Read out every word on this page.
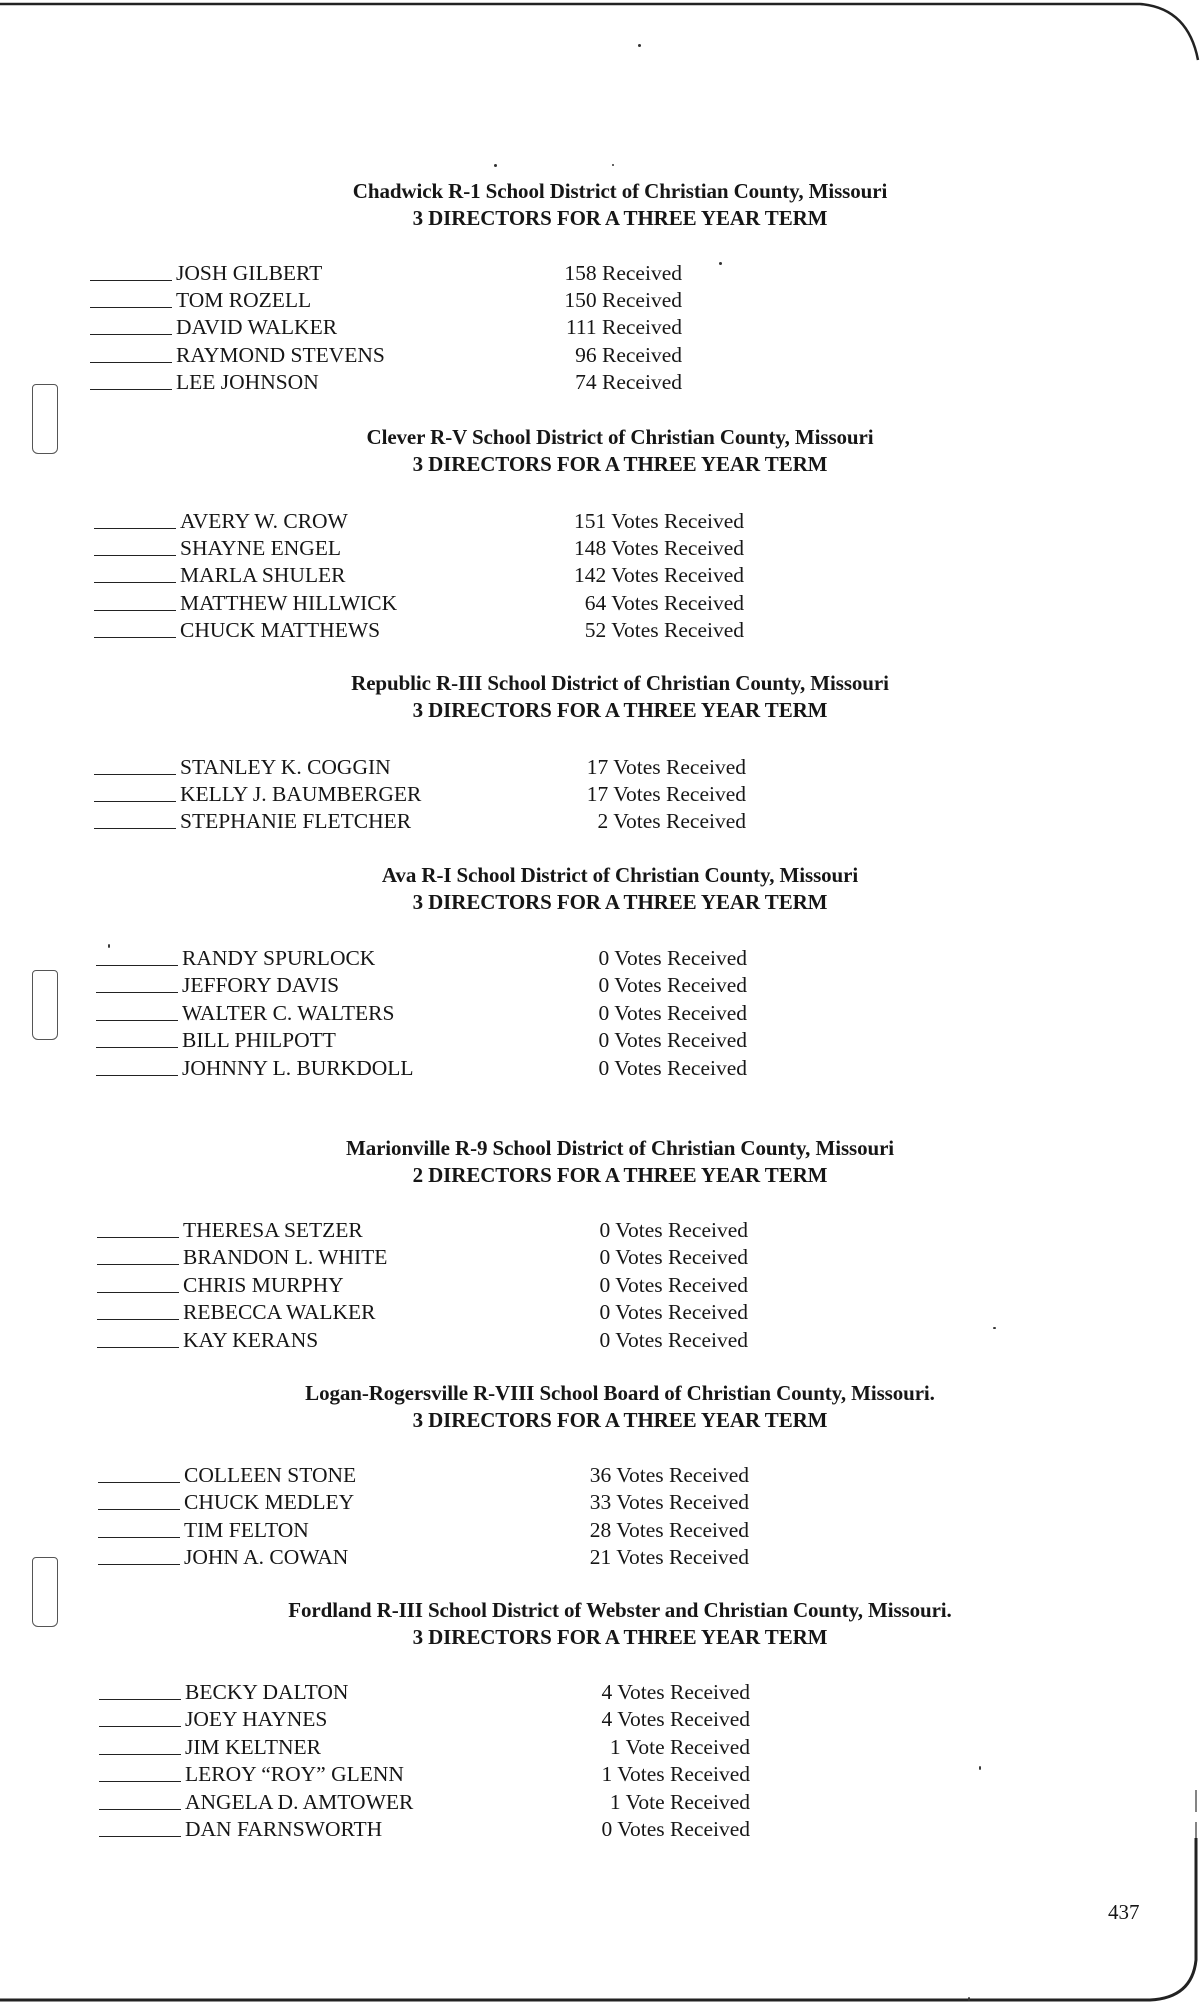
Chadwick R-1 School District of Christian County, Missouri
3 DIRECTORS FOR A THREE YEAR TERM
JOSH GILBERT	158 Received
TOM ROZELL	150 Received
DAVID WALKER	111 Received
RAYMOND STEVENS	96 Received
LEE JOHNSON	74 Received
Clever R-V School District of Christian County, Missouri
3 DIRECTORS FOR A THREE YEAR TERM
AVERY W. CROW	151 Votes Received
SHAYNE ENGEL	148 Votes Received
MARLA SHULER	142 Votes Received
MATTHEW HILLWICK	64 Votes Received
CHUCK MATTHEWS	52 Votes Received
Republic R-III School District of Christian County, Missouri
3 DIRECTORS FOR A THREE YEAR TERM
STANLEY K. COGGIN	17 Votes Received
KELLY J. BAUMBERGER	17 Votes Received
STEPHANIE FLETCHER	2 Votes Received
Ava R-I School District of Christian County, Missouri
3 DIRECTORS FOR A THREE YEAR TERM
RANDY SPURLOCK	0 Votes Received
JEFFORY DAVIS	0 Votes Received
WALTER C. WALTERS	0 Votes Received
BILL PHILPOTT	0 Votes Received
JOHNNY L. BURKDOLL	0 Votes Received
Marionville R-9 School District of Christian County, Missouri
2 DIRECTORS FOR A THREE YEAR TERM
THERESA SETZER	0 Votes Received
BRANDON L. WHITE	0 Votes Received
CHRIS MURPHY	0 Votes Received
REBECCA WALKER	0 Votes Received
KAY KERANS	0 Votes Received
Logan-Rogersville R-VIII School Board of Christian County, Missouri.
3 DIRECTORS FOR A THREE YEAR TERM
COLLEEN STONE	36 Votes Received
CHUCK MEDLEY	33 Votes Received
TIM FELTON	28 Votes Received
JOHN A. COWAN	21 Votes Received
Fordland R-III School District of Webster and Christian County, Missouri.
3 DIRECTORS FOR A THREE YEAR TERM
BECKY DALTON	4 Votes Received
JOEY HAYNES	4 Votes Received
JIM KELTNER	1 Vote Received
LEROY “ROY” GLENN	1 Votes Received
ANGELA D. AMTOWER	1 Vote Received
DAN FARNSWORTH	0 Votes Received
437
